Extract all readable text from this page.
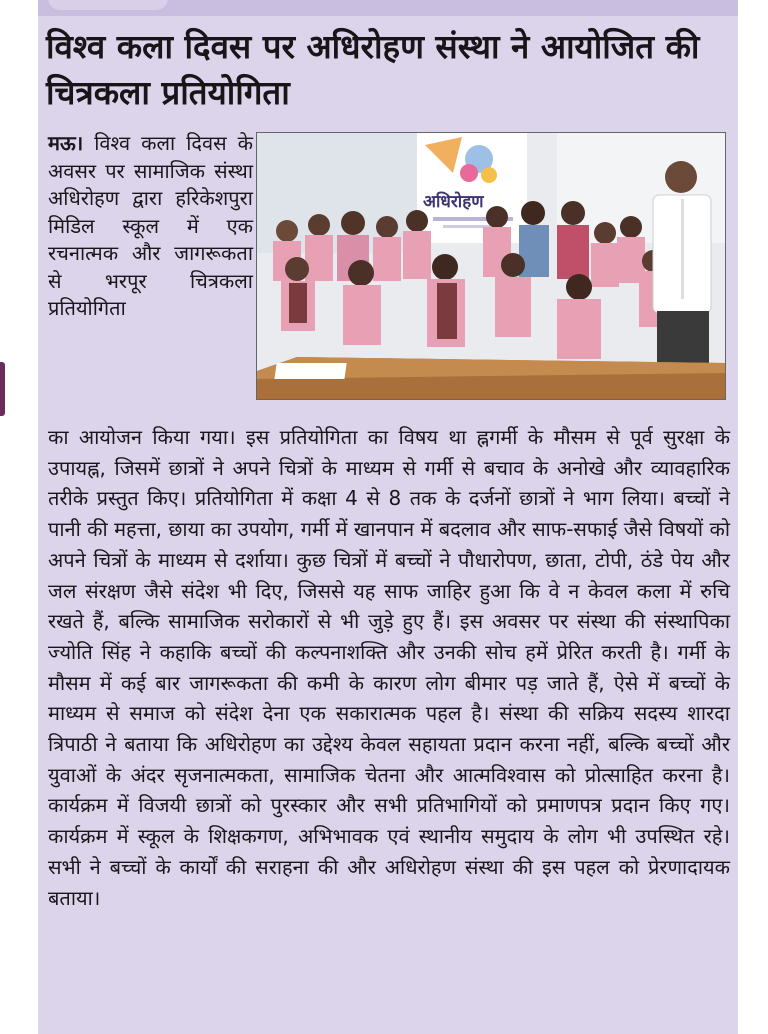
विश्व कला दिवस पर अधिरोहण संस्था ने आयोजित की चित्रकला प्रतियोगिता
मऊ। विश्व कला दिवस के अवसर पर सामाजिक संस्था अधिरोहण द्वारा हरिकेशपुरा मिडिल स्कूल में एक रचनात्मक और जागरूकता से भरपूर चित्रकला प्रतियोगिता
अधिरोहण

का आयोजन किया गया। इस प्रतियोगिता का विषय था ह्नगर्मी के मौसम से पूर्व सुरक्षा के उपायह्न, जिसमें छात्रों ने अपने चित्रों के माध्यम से गर्मी से बचाव के अनोखे और व्यावहारिक तरीके प्रस्तुत किए। प्रतियोगिता में कक्षा 4 से 8 तक के दर्जनों छात्रों ने भाग लिया। बच्चों ने पानी की महत्ता, छाया का उपयोग, गर्मी में खानपान में बदलाव और साफ-सफाई जैसे विषयों को अपने चित्रों के माध्यम से दर्शाया। कुछ चित्रों में बच्चों ने पौधारोपण, छाता, टोपी, ठंडे पेय और जल संरक्षण जैसे संदेश भी दिए, जिससे यह साफ जाहिर हुआ कि वे न केवल कला में रुचि रखते हैं, बल्कि सामाजिक सरोकारों से भी जुड़े हुए हैं। इस अवसर पर संस्था की संस्थापिका ज्योति सिंह ने कहाकि बच्चों की कल्पनाशक्ति और उनकी सोच हमें प्रेरित करती है। गर्मी के मौसम में कई बार जागरूकता की कमी के कारण लोग बीमार पड़ जाते हैं, ऐसे में बच्चों के माध्यम से समाज को संदेश देना एक सकारात्मक पहल है। संस्था की सक्रिय सदस्य शारदा त्रिपाठी ने बताया कि अधिरोहण का उद्देश्य केवल सहायता प्रदान करना नहीं, बल्कि बच्चों और युवाओं के अंदर सृजनात्मकता, सामाजिक चेतना और आत्मविश्वास को प्रोत्साहित करना है। कार्यक्रम में विजयी छात्रों को पुरस्कार और सभी प्रतिभागियों को प्रमाणपत्र प्रदान किए गए। कार्यक्रम में स्कूल के शिक्षकगण, अभिभावक एवं स्थानीय समुदाय के लोग भी उपस्थित रहे। सभी ने बच्चों के कार्यों की सराहना की और अधिरोहण संस्था की इस पहल को प्रेरणादायक बताया।
